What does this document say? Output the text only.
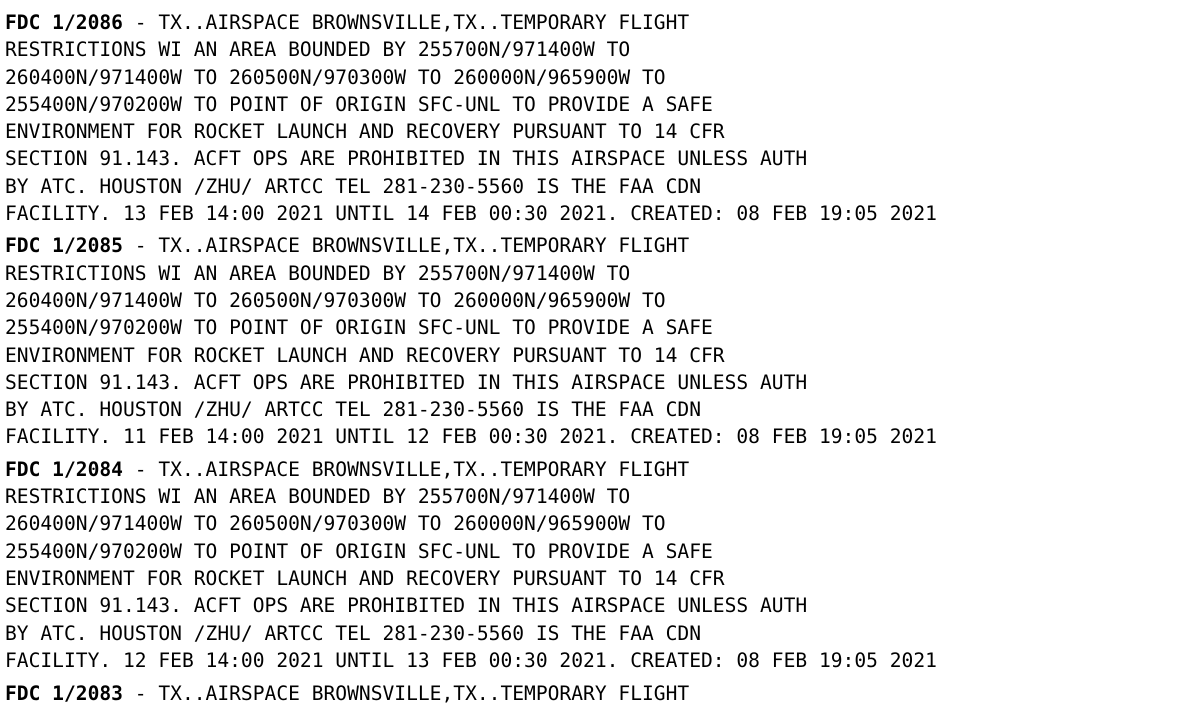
FDC 1/2086 - TX..AIRSPACE BROWNSVILLE,TX..TEMPORARY FLIGHT
RESTRICTIONS WI AN AREA BOUNDED BY 255700N/971400W TO
260400N/971400W TO 260500N/970300W TO 260000N/965900W TO
255400N/970200W TO POINT OF ORIGIN SFC-UNL TO PROVIDE A SAFE
ENVIRONMENT FOR ROCKET LAUNCH AND RECOVERY PURSUANT TO 14 CFR
SECTION 91.143. ACFT OPS ARE PROHIBITED IN THIS AIRSPACE UNLESS AUTH
BY ATC. HOUSTON /ZHU/ ARTCC TEL 281-230-5560 IS THE FAA CDN
FACILITY. 13 FEB 14:00 2021 UNTIL 14 FEB 00:30 2021. CREATED: 08 FEB 19:05 2021
FDC 1/2085 - TX..AIRSPACE BROWNSVILLE,TX..TEMPORARY FLIGHT
RESTRICTIONS WI AN AREA BOUNDED BY 255700N/971400W TO
260400N/971400W TO 260500N/970300W TO 260000N/965900W TO
255400N/970200W TO POINT OF ORIGIN SFC-UNL TO PROVIDE A SAFE
ENVIRONMENT FOR ROCKET LAUNCH AND RECOVERY PURSUANT TO 14 CFR
SECTION 91.143. ACFT OPS ARE PROHIBITED IN THIS AIRSPACE UNLESS AUTH
BY ATC. HOUSTON /ZHU/ ARTCC TEL 281-230-5560 IS THE FAA CDN
FACILITY. 11 FEB 14:00 2021 UNTIL 12 FEB 00:30 2021. CREATED: 08 FEB 19:05 2021
FDC 1/2084 - TX..AIRSPACE BROWNSVILLE,TX..TEMPORARY FLIGHT
RESTRICTIONS WI AN AREA BOUNDED BY 255700N/971400W TO
260400N/971400W TO 260500N/970300W TO 260000N/965900W TO
255400N/970200W TO POINT OF ORIGIN SFC-UNL TO PROVIDE A SAFE
ENVIRONMENT FOR ROCKET LAUNCH AND RECOVERY PURSUANT TO 14 CFR
SECTION 91.143. ACFT OPS ARE PROHIBITED IN THIS AIRSPACE UNLESS AUTH
BY ATC. HOUSTON /ZHU/ ARTCC TEL 281-230-5560 IS THE FAA CDN
FACILITY. 12 FEB 14:00 2021 UNTIL 13 FEB 00:30 2021. CREATED: 08 FEB 19:05 2021
FDC 1/2083 - TX..AIRSPACE BROWNSVILLE,TX..TEMPORARY FLIGHT
